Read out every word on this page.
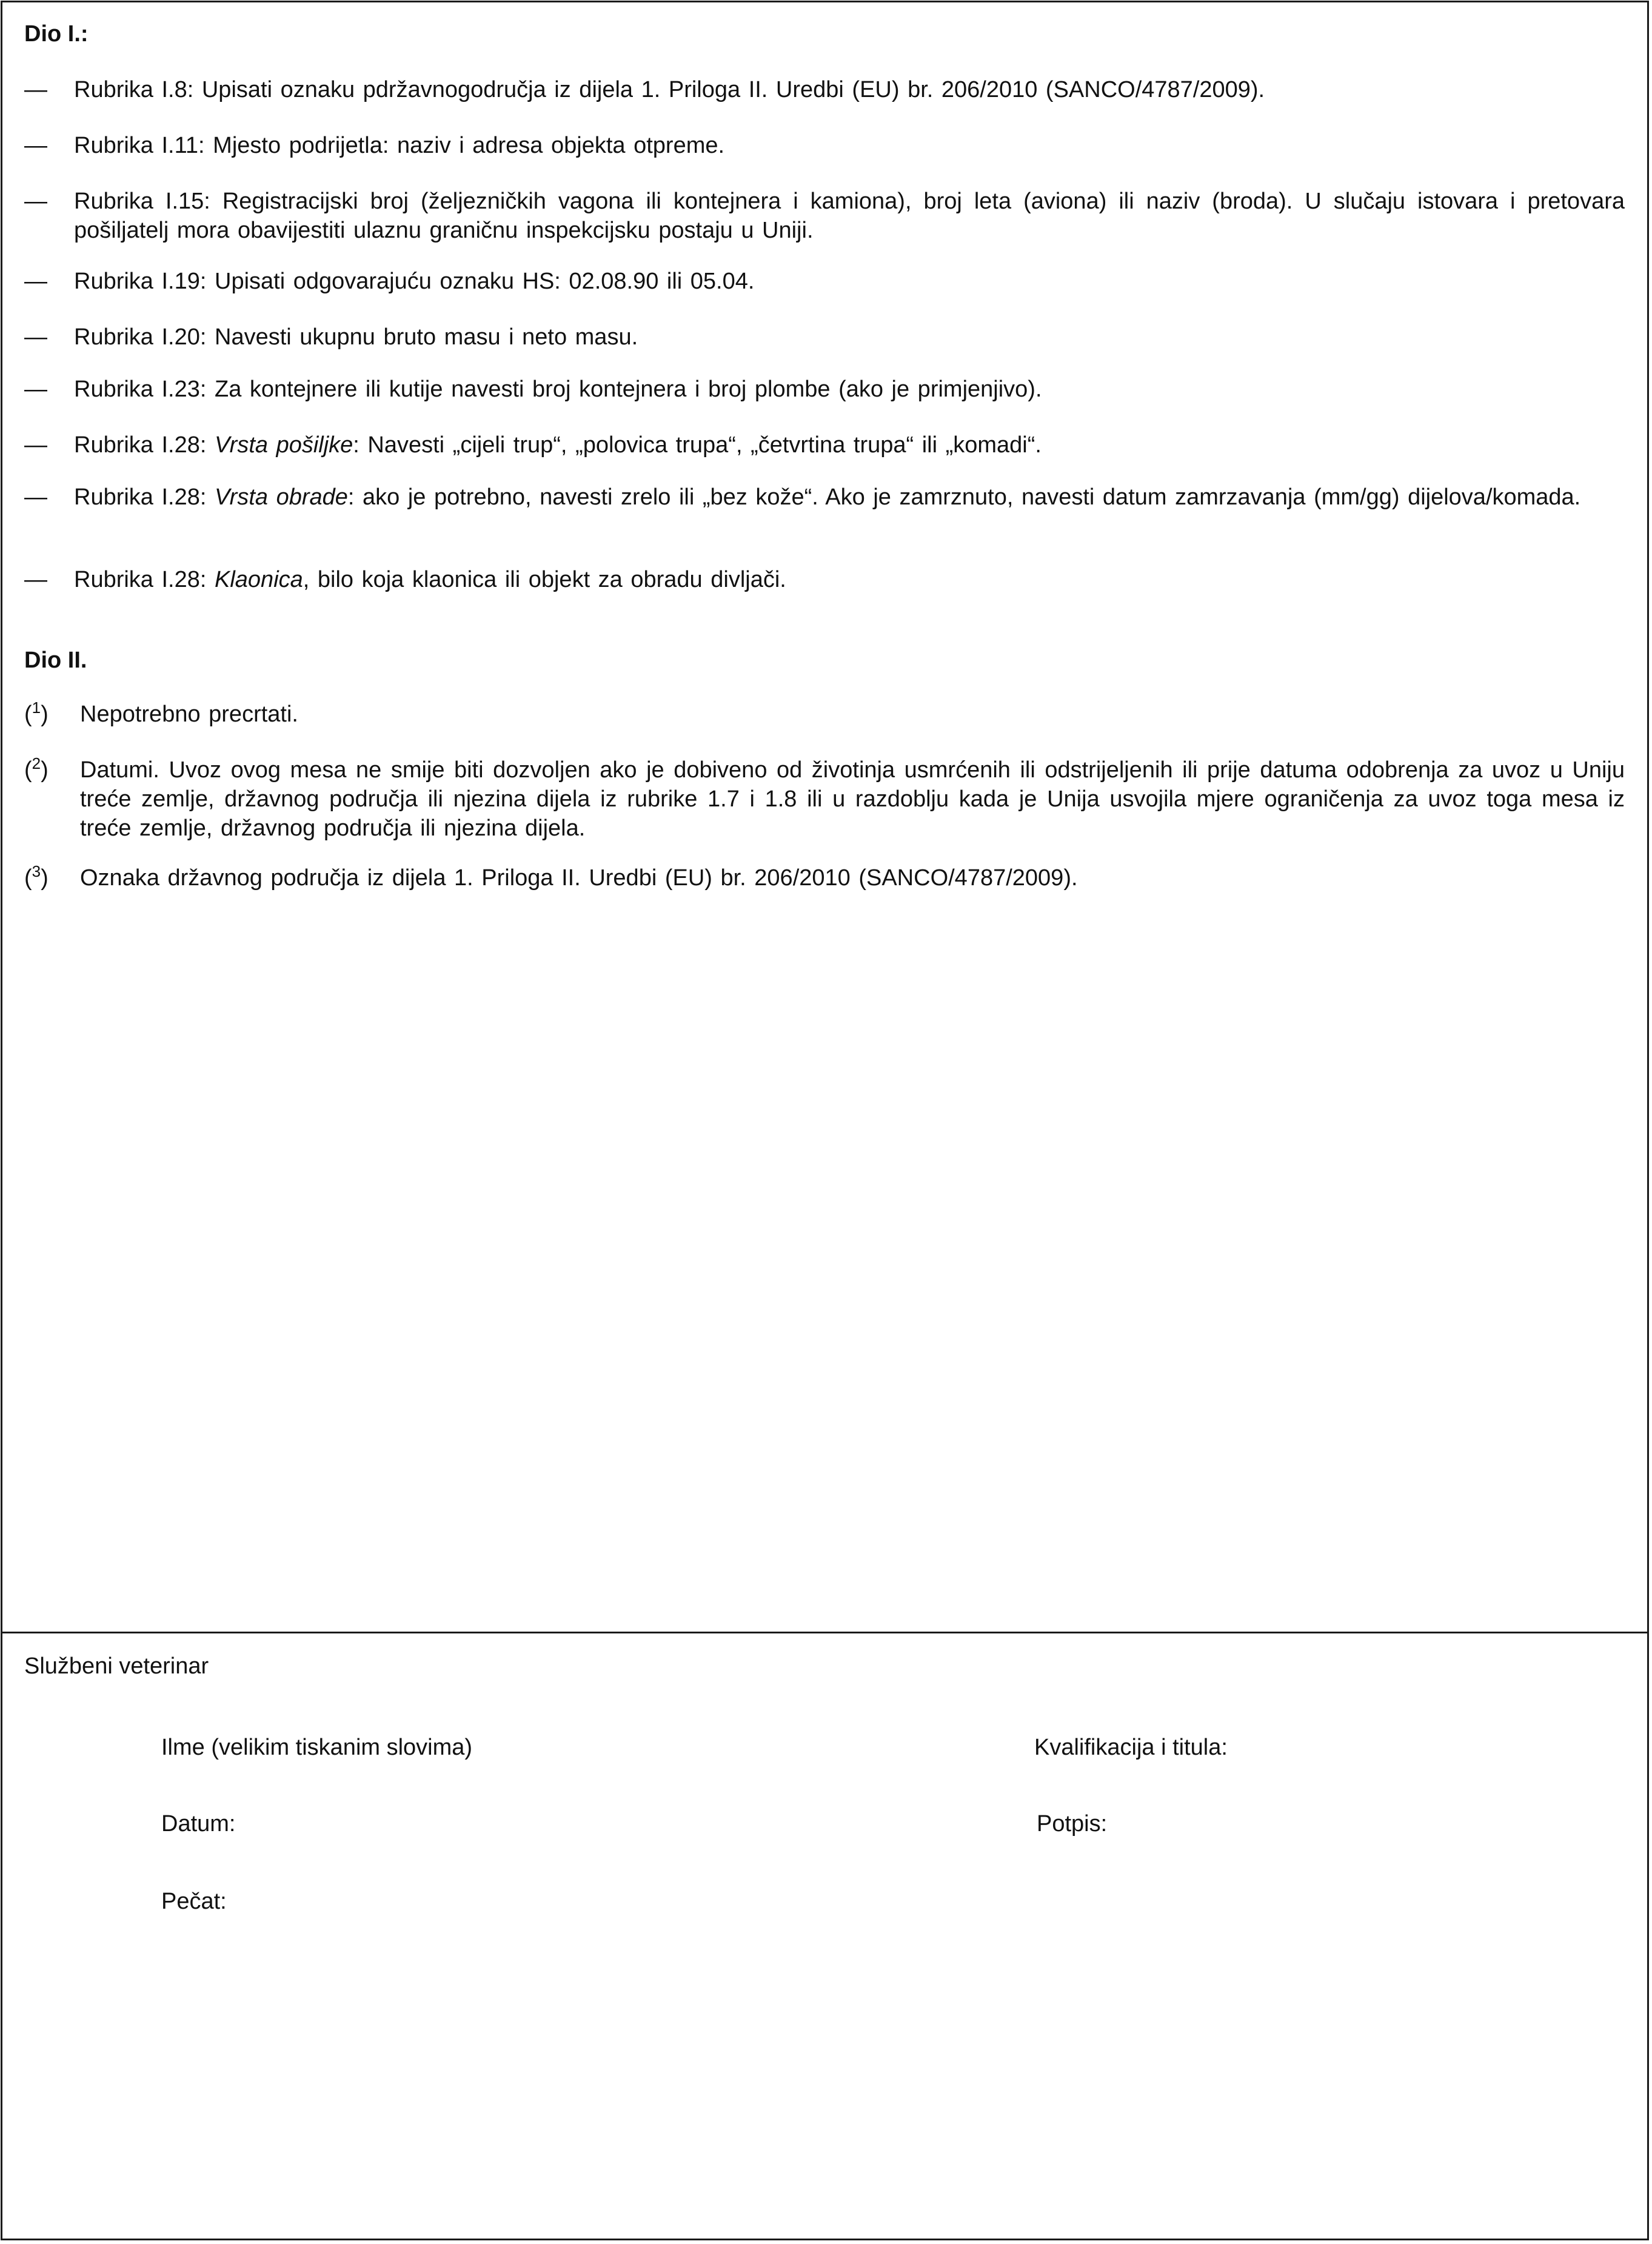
Dio I.:
— Rubrika I.8: Upisati oznaku pdržavnogodručja iz dijela 1. Priloga II. Uredbi (EU) br. 206/2010 (SANCO/4787/2009).
— Rubrika I.11: Mjesto podrijetla: naziv i adresa objekta otpreme.
— Rubrika I.15: Registracijski broj (željezničkih vagona ili kontejnera i kamiona), broj leta (aviona) ili naziv (broda). U slučaju istovara i pretovara pošiljatelj mora obavijestiti ulaznu graničnu inspekcijsku postaju u Uniji.
— Rubrika I.19: Upisati odgovarajuću oznaku HS: 02.08.90 ili 05.04.
— Rubrika I.20: Navesti ukupnu bruto masu i neto masu.
— Rubrika I.23: Za kontejnere ili kutije navesti broj kontejnera i broj plombe (ako je primjenjivo).
— Rubrika I.28: Vrsta pošiljke: Navesti „cijeli trup“, „polovica trupa“, „četvrtina trupa“ ili „komadi“.
— Rubrika I.28: Vrsta obrade: ako je potrebno, navesti zrelo ili „bez kože“. Ako je zamrznuto, navesti datum zamrzavanja (mm/gg) dijelova/komada.
— Rubrika I.28: Klaonica, bilo koja klaonica ili objekt za obradu divljači.
Dio II.
($^1$) Nepotrebno precrtati.
($^2$) Datumi. Uvoz ovog mesa ne smije biti dozvoljen ako je dobiveno od životinja usmrćenih ili odstrijeljenih ili prije datuma odobrenja za uvoz u Uniju treće zemlje, državnog područja ili njezina dijela iz rubrike 1.7 i 1.8 ili u razdoblju kada je Unija usvojila mjere ograničenja za uvoz toga mesa iz treće zemlje, državnog područja ili njezina dijela.
($^3$) Oznaka državnog područja iz dijela 1. Priloga II. Uredbi (EU) br. 206/2010 (SANCO/4787/2009).
Službeni veterinar
Ilme (velikim tiskanim slovima)	Kvalifikacija i titula:
Datum:	Potpis:
Pečat:
